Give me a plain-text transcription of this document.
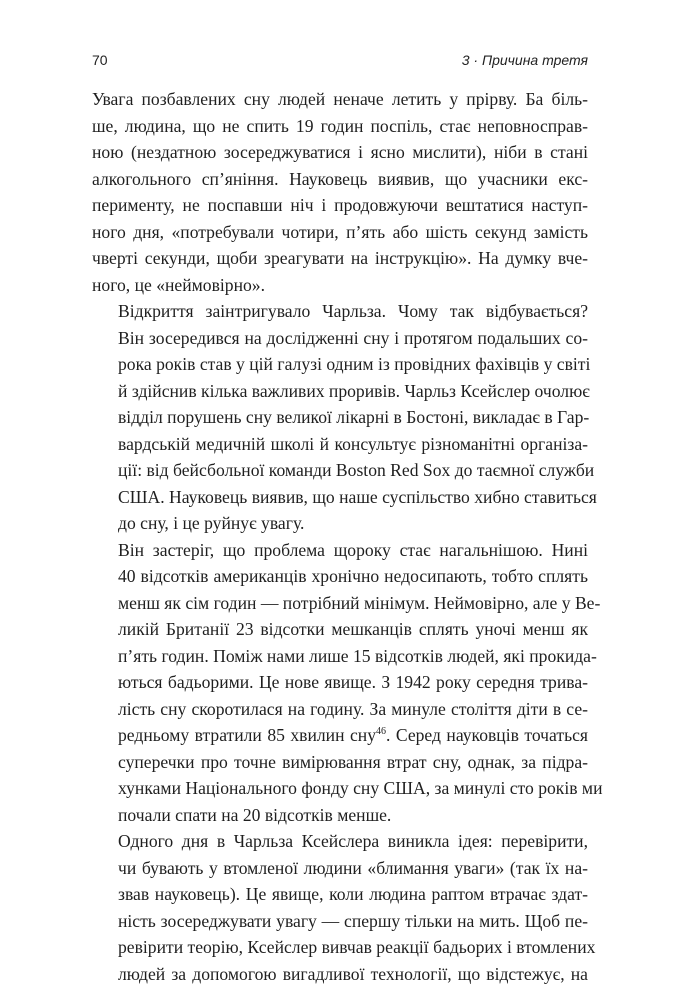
70	3 · Причина третя

Увага позбавлених сну людей неначе летить у прірву. Ба біль-
ше, людина, що не спить 19 годин поспіль, стає неповносправ-
ною (нездатною зосереджуватися і ясно мислити), ніби в стані
алкогольного сп’яніння. Науковець виявив, що учасники екс-
перименту, не поспавши ніч і продовжуючи вештатися наступ-
ного дня, «потребували чотири, п’ять або шість секунд замість
чверті секунди, щоби зреагувати на інструкцію». На думку вче-
ного, це «неймовірно».

Відкриття заінтригувало Чарльза. Чому так відбувається?
Він зосередився на дослідженні сну і протягом подальших со-
рока років став у цій галузі одним із провідних фахівців у світі
й здійснив кілька важливих проривів. Чарльз Ксейслер очолює
відділ порушень сну великої лікарні в Бостоні, викладає в Гар-
вардській медичній школі й консультує різноманітні організа-
ції: від бейсбольної команди Boston Red Sox до таємної служби
США. Науковець виявив, що наше суспільство хибно ставиться
до сну, і це руйнує увагу.

Він застеріг, що проблема щороку стає нагальнішою. Нині
40 відсотків американців хронічно недосипають, тобто сплять
менш як сім годин — потрібний мінімум. Неймовірно, але у Ве-
ликій Британії 23 відсотки мешканців сплять уночі менш як
п’ять годин. Поміж нами лише 15 відсотків людей, які прокида-
ються бадьорими. Це нове явище. З 1942 року середня трива-
лість сну скоротилася на годину. За минуле століття діти в се-
редньому втратили 85 хвилин сну$^{46}$. Серед науковців точаться
суперечки про точне вимірювання втрат сну, однак, за підра-
хунками Національного фонду сну США, за минулі сто років ми
почали спати на 20 відсотків менше.

Одного дня в Чарльза Ксейслера виникла ідея: перевірити,
чи бувають у втомленої людини «блимання уваги» (так їх на-
звав науковець). Це явище, коли людина раптом втрачає здат-
ність зосереджувати увагу — спершу тільки на мить. Щоб пе-
ревірити теорію, Ксейслер вивчав реакції бадьорих і втомлених
людей за допомогою вигадливої технології, що відстежує, на
